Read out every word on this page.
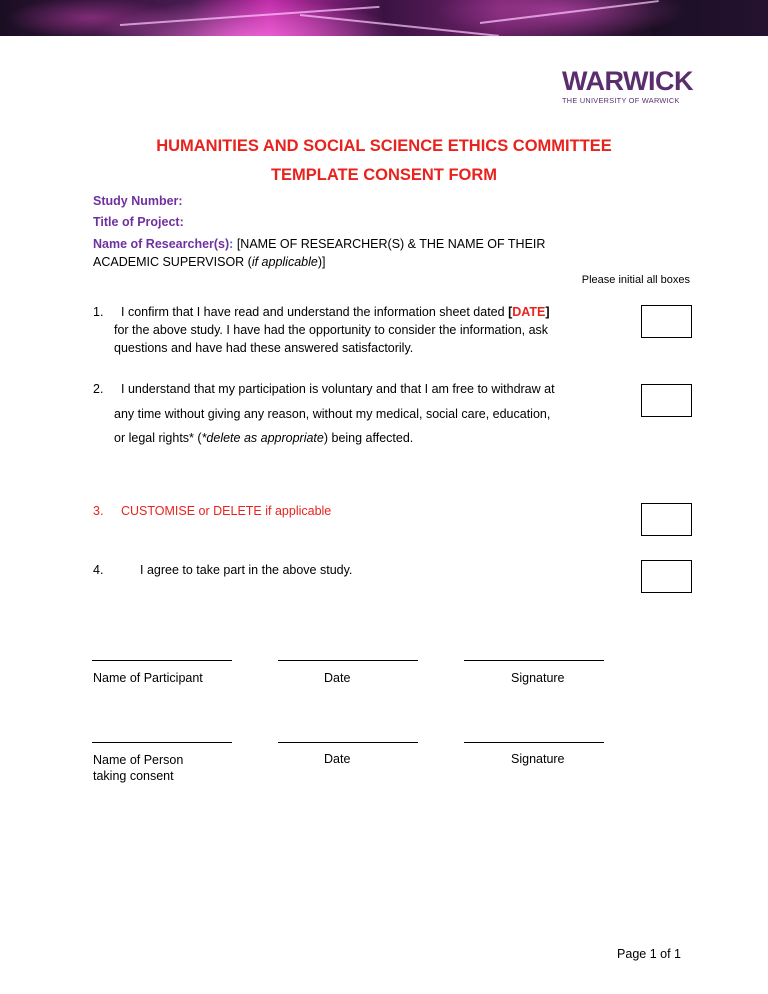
WARWICK
THE UNIVERSITY OF WARWICK
HUMANITIES AND SOCIAL SCIENCE ETHICS COMMITTEE
TEMPLATE CONSENT FORM
Study Number:
Title of Project:
Name of Researcher(s): [NAME OF RESEARCHER(S) & THE NAME OF THEIR
ACADEMIC SUPERVISOR (if applicable)]
Please initial all boxes
1. I confirm that I have read and understand the information sheet dated [DATE]
for the above study. I have had the opportunity to consider the information, ask
questions and have had these answered satisfactorily.
2. I understand that my participation is voluntary and that I am free to withdraw at
any time without giving any reason, without my medical, social care, education,
or legal rights* (*delete as appropriate) being affected.
3. CUSTOMISE or DELETE if applicable
4.	I agree to take part in the above study.
Name of Participant	Date	Signature
Name of Person
taking consent
Date	Signature
Page 1 of 1
